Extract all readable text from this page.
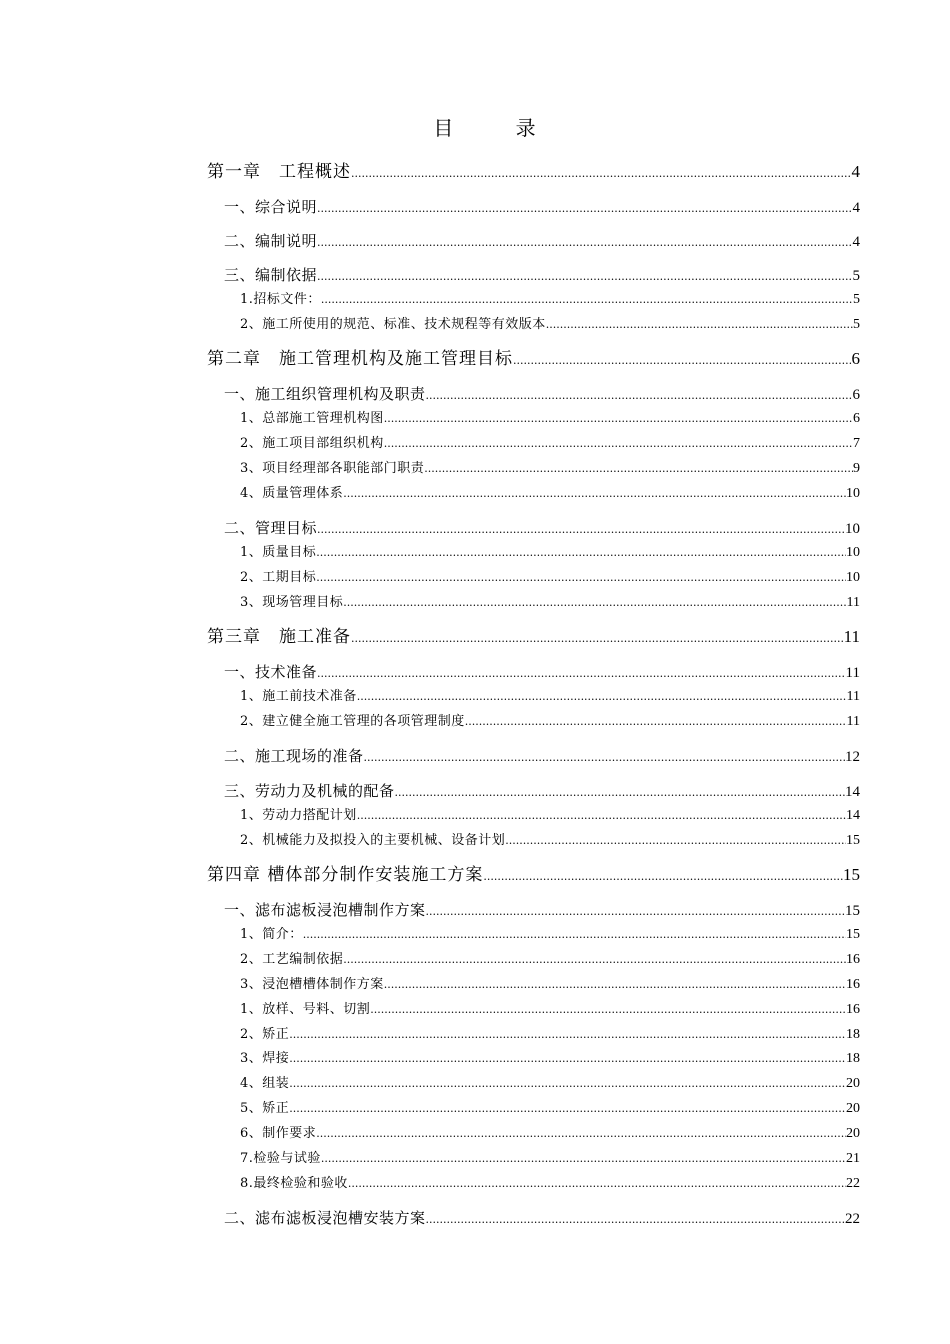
目 录
第一章　工程概述 .....	4
一、综合说明 .....	4
二、编制说明 .....	4
三、编制依据 .....	5
1.招标文件： .....	5
2、施工所使用的规范、标准、技术规程等有效版本 .....	5
第二章　施工管理机构及施工管理目标 .....	6
一、施工组织管理机构及职责 .....	6
1、总部施工管理机构图 .....	6
2、施工项目部组织机构 .....	7
3、项目经理部各职能部门职责 .....	9
4、质量管理体系 .....	10
二、管理目标 .....	10
1、质量目标 .....	10
2、工期目标 .....	10
3、现场管理目标 .....	11
第三章　施工准备 .....	11
一、技术准备 .....	11
1、施工前技术准备 .....	11
2、建立健全施工管理的各项管理制度 .....	11
二、施工现场的准备 .....	12
三、劳动力及机械的配备 .....	14
1、劳动力搭配计划 .....	14
2、机械能力及拟投入的主要机械、设备计划 .....	15
第四章 槽体部分制作安装施工方案 .....	15
一、滤布滤板浸泡槽制作方案 .....	15
1、简介： .....	15
2、工艺编制依据 .....	16
3、浸泡槽槽体制作方案 .....	16
1、放样、号料、切割 .....	16
2、矫正 .....	18
3、焊接 .....	18
4、组装 .....	20
5、矫正 .....	20
6、制作要求 .....	20
7.检验与试验 .....	21
8.最终检验和验收 .....	22
二、滤布滤板浸泡槽安装方案 .....	22
